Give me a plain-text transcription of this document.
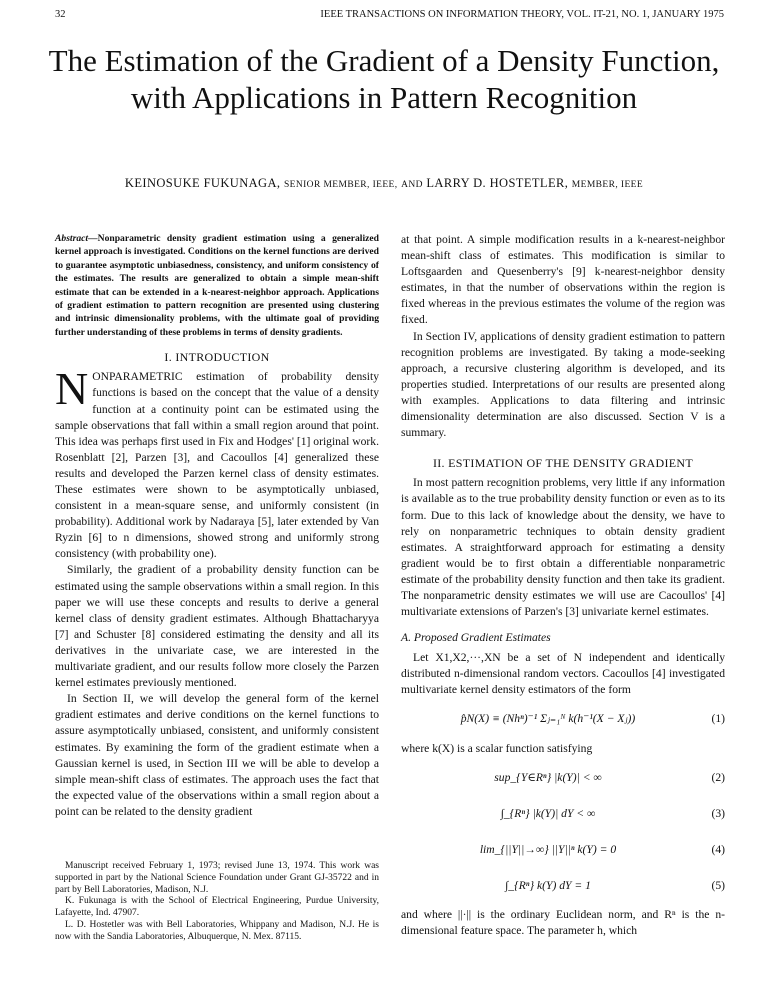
32	IEEE TRANSACTIONS ON INFORMATION THEORY, VOL. IT-21, NO. 1, JANUARY 1975
The Estimation of the Gradient of a Density Function, with Applications in Pattern Recognition
KEINOSUKE FUKUNAGA, SENIOR MEMBER, IEEE, AND LARRY D. HOSTETLER, MEMBER, IEEE
Abstract—Nonparametric density gradient estimation using a generalized kernel approach is investigated. Conditions on the kernel functions are derived to guarantee asymptotic unbiasedness, consistency, and uniform consistency of the estimates. The results are generalized to obtain a simple mean-shift estimate that can be extended in a k-nearest-neighbor approach. Applications of gradient estimation to pattern recognition are presented using clustering and intrinsic dimensionality problems, with the ultimate goal of providing further understanding of these problems in terms of density gradients.
I. INTRODUCTION

NONPARAMETRIC estimation of probability density functions is based on the concept that the value of a density function at a continuity point can be estimated using the sample observations that fall within a small region around that point. This idea was perhaps first used in Fix and Hodges' [1] original work. Rosenblatt [2], Parzen [3], and Cacoullos [4] generalized these results and developed the Parzen kernel class of density estimates. These estimates were shown to be asymptotically unbiased, consistent in a mean-square sense, and uniformly consistent (in probability). Additional work by Nadaraya [5], later extended by Van Ryzin [6] to n dimensions, showed strong and uniformly strong consistency (with probability one).

Similarly, the gradient of a probability density function can be estimated using the sample observations within a small region. In this paper we will use these concepts and results to derive a general kernel class of density gradient estimates. Although Bhattacharyya [7] and Schuster [8] considered estimating the density and all its derivatives in the univariate case, we are interested in the multivariate gradient, and our results follow more closely the Parzen kernel estimates previously mentioned.

In Section II, we will develop the general form of the kernel gradient estimates and derive conditions on the kernel functions to assure asymptotically unbiased, consistent, and uniformly consistent estimates. By examining the form of the gradient estimate when a Gaussian kernel is used, in Section III we will be able to develop a simple mean-shift class of estimates. The approach uses the fact that the expected value of the observations within a small region about a point can be related to the density gradient

Manuscript received February 1, 1973; revised June 13, 1974. This work was supported in part by the National Science Foundation under Grant GJ-35722 and in part by Bell Laboratories, Madison, N.J.

K. Fukunaga is with the School of Electrical Engineering, Purdue University, Lafayette, Ind. 47907.

L. D. Hostetler was with Bell Laboratories, Whippany and Madison, N.J. He is now with the Sandia Laboratories, Albuquerque, N. Mex. 87115.

at that point. A simple modification results in a k-nearest-neighbor mean-shift class of estimates. This modification is similar to Loftsgaarden and Quesenberry's [9] k-nearest-neighbor density estimates, in that the number of observations within the region is fixed whereas in the previous estimates the volume of the region was fixed.

In Section IV, applications of density gradient estimation to pattern recognition problems are investigated. By taking a mode-seeking approach, a recursive clustering algorithm is developed, and its properties studied. Interpretations of our results are presented along with examples. Applications to data filtering and intrinsic dimensionality determination are also discussed. Section V is a summary.

II. ESTIMATION OF THE DENSITY GRADIENT

In most pattern recognition problems, very little if any information is available as to the true probability density function or even as to its form. Due to this lack of knowledge about the density, we have to rely on nonparametric techniques to obtain density gradient estimates. A straightforward approach for estimating a density gradient would be to first obtain a differentiable nonparametric estimate of the probability density function and then take its gradient. The nonparametric density estimates we will use are Cacoullos' [4] multivariate extensions of Parzen's [3] univariate kernel estimates.

A. Proposed Gradient Estimates

Let X1,X2,···,XN be a set of N independent and identically distributed n-dimensional random vectors. Cacoullos [4] investigated multivariate kernel density estimators of the form

p̂N(X) ≡ (Nhⁿ)⁻¹ Σⱼ₌₁ᴺ k(h⁻¹(X − Xⱼ))	(1)

where k(X) is a scalar function satisfying

sup_{Y∈Rⁿ} |k(Y)| < ∞	(2)
∫_{Rⁿ} |k(Y)| dY < ∞	(3)
lim_{||Y||→∞} ||Y||ⁿ k(Y) = 0	(4)
∫_{Rⁿ} k(Y) dY = 1	(5)

and where ||·|| is the ordinary Euclidean norm, and Rⁿ is the n-dimensional feature space. The parameter h, which
